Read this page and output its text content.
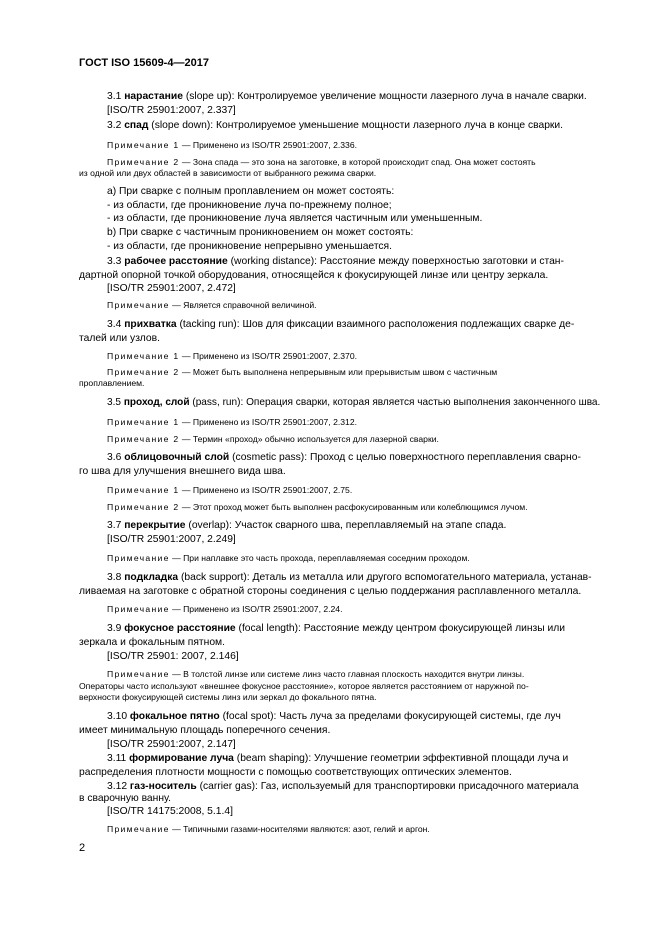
ГОСТ ISO 15609-4—2017
3.1 нарастание (slope up): Контролируемое увеличение мощности лазерного луча в начале сварки.
[ISO/TR 25901:2007, 2.337]
3.2 спад (slope down): Контролируемое уменьшение мощности лазерного луча в конце сварки.
Примечание 1 — Применено из ISO/TR 25901:2007, 2.336.
Примечание 2 — Зона спада — это зона на заготовке, в которой происходит спад. Она может состоять
из одной или двух областей в зависимости от выбранного режима сварки.
а) При сварке с полным проплавлением он может состоять:
- из области, где проникновение луча по-прежнему полное;
- из области, где проникновение луча является частичным или уменьшенным.
b) При сварке с частичным проникновением он может состоять:
- из области, где проникновение непрерывно уменьшается.
3.3 рабочее расстояние (working distance): Расстояние между поверхностью заготовки и стан-
дартной опорной точкой оборудования, относящейся к фокусирующей линзе или центру зеркала.
[ISO/TR 25901:2007, 2.472]
Примечание — Является справочной величиной.
3.4 прихватка (tacking run): Шов для фиксации взаимного расположения подлежащих сварке де-
талей или узлов.
Примечание 1 — Применено из ISO/TR 25901:2007, 2.370.
Примечание 2 — Может быть выполнена непрерывным или прерывистым швом с частичным
проплавлением.
3.5 проход, слой (pass, run): Операция сварки, которая является частью выполнения законченного шва.
Примечание 1 — Применено из ISO/TR 25901:2007, 2.312.
Примечание 2 — Термин «проход» обычно используется для лазерной сварки.
3.6 облицовочный слой (cosmetic pass): Проход с целью поверхностного переплавления сварно-
го шва для улучшения внешнего вида шва.
Примечание 1 — Применено из ISO/TR 25901:2007, 2.75.
Примечание 2 — Этот проход может быть выполнен расфокусированным или колеблющимся лучом.
3.7 перекрытие (overlap): Участок сварного шва, переплавляемый на этапе спада.
[ISO/TR 25901:2007, 2.249]
Примечание — При наплавке это часть прохода, переплавляемая соседним проходом.
3.8 подкладка (back support): Деталь из металла или другого вспомогательного материала, устанав-
ливаемая на заготовке с обратной стороны соединения с целью поддержания расплавленного металла.
Примечание — Применено из ISO/TR 25901:2007, 2.24.
3.9 фокусное расстояние (focal length): Расстояние между центром фокусирующей линзы или
зеркала и фокальным пятном.
[ISO/TR 25901: 2007, 2.146]
Примечание — В толстой линзе или системе линз часто главная плоскость находится внутри линзы.
Операторы часто используют «внешнее фокусное расстояние», которое является расстоянием от наружной по-
верхности фокусирующей системы линз или зеркал до фокального пятна.
3.10 фокальное пятно (focal spot): Часть луча за пределами фокусирующей системы, где луч
имеет минимальную площадь поперечного сечения.
[ISO/TR 25901:2007, 2.147]
3.11 формирование луча (beam shaping): Улучшение геометрии эффективной площади луча и
распределения плотности мощности с помощью соответствующих оптических элементов.
3.12 газ-носитель (carrier gas): Газ, используемый для транспортировки присадочного материала
в сварочную ванну.
[ISO/TR 14175:2008, 5.1.4]
Примечание — Типичными газами-носителями являются: азот, гелий и аргон.
2
